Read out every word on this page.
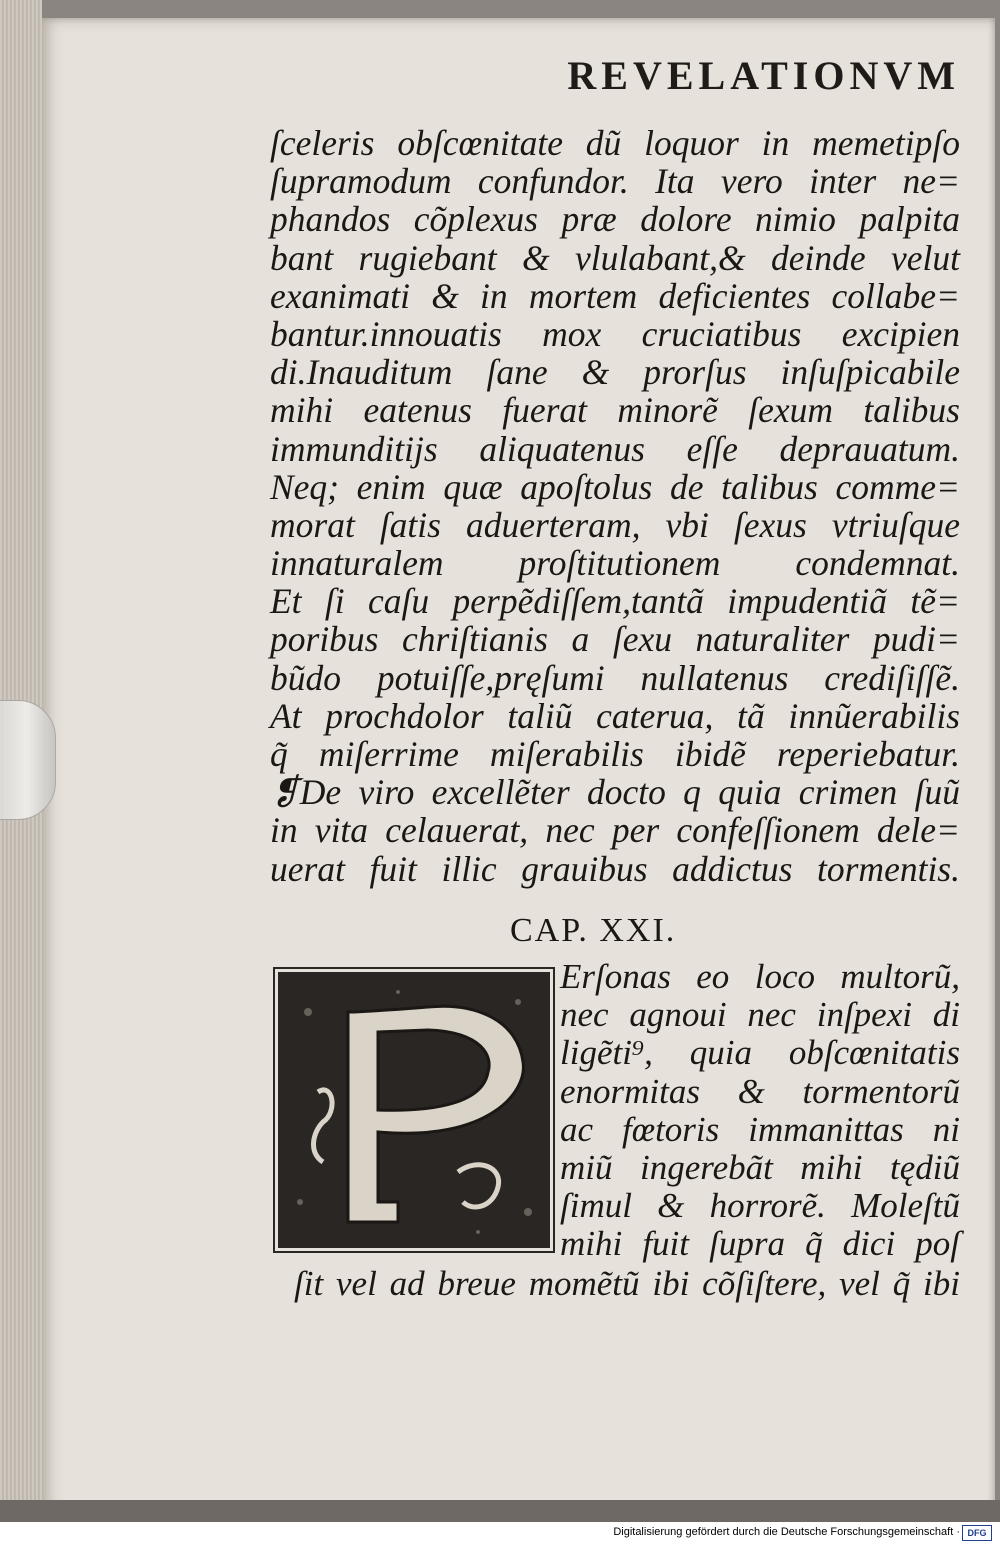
REVELATIONVM
ſceleris obſcœnitate dũ loquor in memetipſo
ſupramodum confundor. Ita vero inter ne=
phandos cõplexus præ dolore nimio palpita
bant rugiebant & vlulabant,& deinde velut
exanimati & in mortem deficientes collabe=
bantur.innouatis mox cruciatibus excipien
di.Inauditum ſane & prorſus inſuſpicabile
mihi eatenus fuerat minorẽ ſexum talibus
immunditijs aliquatenus eſſe deprauatum.
Neq; enim quæ apoſtolus de talibus comme=
morat ſatis aduerteram, vbi ſexus vtriuſque
innaturalem proſtitutionem condemnat.
Et ſi caſu perpẽdiſſem,tantã impudentiã tẽ=
poribus chriſtianis a ſexu naturaliter pudi=
bũdo potuiſſe,pręſumi nullatenus crediſiſſẽ.
At prochdolor taliũ caterua, tã innũerabilis
q̃ miſerrime miſerabilis ibidẽ reperiebatur.
❡De viro excellẽter docto q quia crimen ſuũ
in vita celauerat, nec per confeſſionem dele=
uerat fuit illic grauibus addictus tormentis.
CAP. XXI.
Erſonas eo loco multorũ,
nec agnoui nec inſpexi di
ligẽti⁹, quia obſcœnitatis
enormitas & tormentorũ
ac fœtoris immanittas ni
miũ ingerebãt mihi tędiũ
ſimul & horrorẽ. Moleſtũ
mihi fuit ſupra q̃ dici poſ
ſit vel ad breue momẽtũ ibi cõſiſtere, vel q̃ ibi
Digitalisierung gefördert durch die Deutsche Forschungsgemeinschaft · DFG
